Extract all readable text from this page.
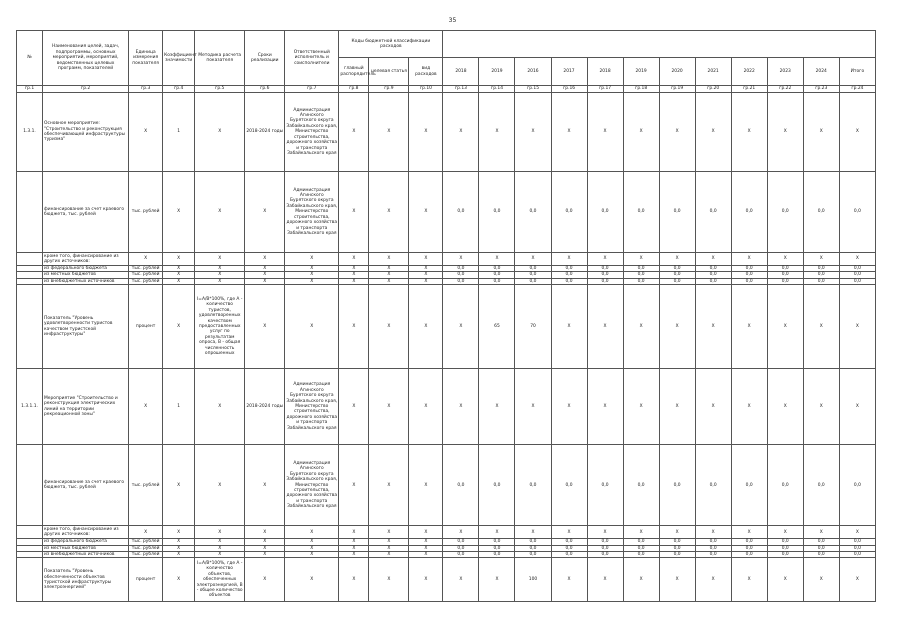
35
№	Наименования целей, задач, подпрограммы, основных мероприятий, мероприятий, ведомственных целевых программ, показателей	Единица измерения показателя	Коэффициент значимости	Методика расчета показателя	Сроки реализации	Ответственный исполнитель и соисполнители	Коды бюджетной классификации расходов														
							главный распорядитель	целевая статья	вид расходов	2018	2019	2016	2017	2018	2019	2020	2021	2022	2023	2024	Итого
гр.1	гр.2	гр.3	гр.4	гр.5	гр.6	гр.7	гр.8	гр.9	гр.10	гр.13	гр.14	гр.15	гр.16	гр.17	гр.18	гр.19	гр.20	гр.21	гр.22	гр.23	гр.24
1.3.1.	Основное мероприятие: "Строительство и реконструкция обеспечивающей инфраструктуры туризма"	Х	1	Х	2018-2024 годы	Администрация Агинского Бурятского округа Забайкальского края, Министерство строительства, дорожного хозяйства и транспорта Забайкальского края	Х	Х	Х	Х	Х	Х	Х	Х	Х	Х	Х	Х	Х	Х	Х
	финансирование за счет краевого бюджета, тыс. рублей	тыс. рублей	Х	Х	Х	Администрация Агинского Бурятского округа Забайкальского края, Министерство строительства, дорожного хозяйства и транспорта Забайкальского края	Х	Х	Х	0,0	0,0	0,0	0,0	0,0	0,0	0,0	0,0	0,0	0,0	0,0	0,0
	кроме того, финансирование из других источников:	Х	Х	Х	Х	Х	Х	Х	Х	Х	Х	Х	Х	Х	Х	Х	Х	Х	Х	Х	Х
	из федерального бюджета	тыс. рублей	Х	Х	Х	Х	Х	Х	Х	0,0	0,0	0,0	0,0	0,0	0,0	0,0	0,0	0,0	0,0	0,0	0,0
	из местных бюджетов	тыс. рублей	Х	Х	Х	Х	Х	Х	Х	0,0	0,0	0,0	0,0	0,0	0,0	0,0	0,0	0,0	0,0	0,0	0,0
	из внебюджетных источников	тыс. рублей	Х	Х	Х	Х	Х	Х	Х	0,0	0,0	0,0	0,0	0,0	0,0	0,0	0,0	0,0	0,0	0,0	0,0
	Показатель "Уровень удовлетворенности туристов качеством туристской инфраструктуры"	процент	Х	I=A/B*100%, где A - количество туристов, удовлетворенных качеством предоставленных услуг по результатам опроса, B - общая численность опрошенных	Х	Х	Х	Х	Х	Х	65	70	Х	Х	Х	Х	Х	Х	Х	Х	Х
1.3.1.1.	Мероприятие "Строительство и реконструкция электрических линий на территории рекреационной зоны"	Х	1	Х	2018-2024 годы	Администрация Агинского Бурятского округа Забайкальского края, Министерство строительства, дорожного хозяйства и транспорта Забайкальского края	Х	Х	Х	Х	Х	Х	Х	Х	Х	Х	Х	Х	Х	Х	Х
	финансирование за счет краевого бюджета, тыс. рублей	тыс. рублей	Х	Х	Х	Администрация Агинского Бурятского округа Забайкальского края, Министерство строительства, дорожного хозяйства и транспорта Забайкальского края	Х	Х	Х	0,0	0,0	0,0	0,0	0,0	0,0	0,0	0,0	0,0	0,0	0,0	0,0
	кроме того, финансирование из других источников:	Х	Х	Х	Х	Х	Х	Х	Х	Х	Х	Х	Х	Х	Х	Х	Х	Х	Х	Х	Х
	из федерального бюджета	тыс. рублей	Х	Х	Х	Х	Х	Х	Х	0,0	0,0	0,0	0,0	0,0	0,0	0,0	0,0	0,0	0,0	0,0	0,0
	из местных бюджетов	тыс. рублей	Х	Х	Х	Х	Х	Х	Х	0,0	0,0	0,0	0,0	0,0	0,0	0,0	0,0	0,0	0,0	0,0	0,0
	из внебюджетных источников	тыс. рублей	Х	Х	Х	Х	Х	Х	Х	0,0	0,0	0,0	0,0	0,0	0,0	0,0	0,0	0,0	0,0	0,0	0,0
	Показатель "Уровень обеспеченности объектов туристской инфраструктуры электроэнергией"	процент	Х	I=A/B*100%, где A - количество объектов, обеспеченных электроэнергией, B - общее количество объектов	Х	Х	Х	Х	Х	Х	Х	100	Х	Х	Х	Х	Х	Х	Х	Х	Х
